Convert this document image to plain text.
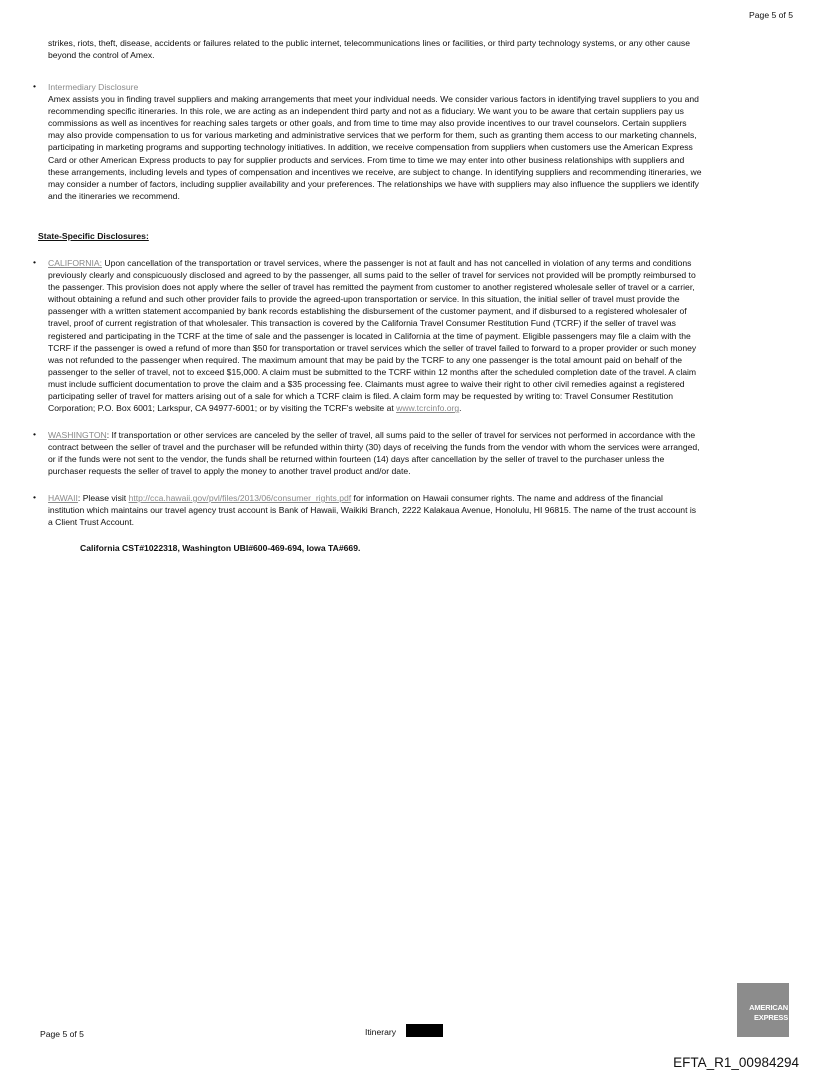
Page 5 of 5
strikes, riots, theft, disease, accidents or failures related to the public internet, telecommunications lines or facilities, or third party technology systems, or any other cause
beyond the control of Amex.
• Intermediary Disclosure
Amex assists you in finding travel suppliers and making arrangements that meet your individual needs. We consider various factors in identifying travel suppliers to you and
recommending specific itineraries. In this role, we are acting as an independent third party and not as a fiduciary. We want you to be aware that certain suppliers pay us
commissions as well as incentives for reaching sales targets or other goals, and from time to time may also provide incentives to our travel counselors. Certain suppliers
may also provide compensation to us for various marketing and administrative services that we perform for them, such as granting them access to our marketing channels,
participating in marketing programs and supporting technology initiatives. In addition, we receive compensation from suppliers when customers use the American Express
Card or other American Express products to pay for supplier products and services. From time to time we may enter into other business relationships with suppliers and
these arrangements, including levels and types of compensation and incentives we receive, are subject to change. In identifying suppliers and recommending itineraries, we
may consider a number of factors, including supplier availability and your preferences. The relationships we have with suppliers may also influence the suppliers we identify
and the itineraries we recommend.
State-Specific Disclosures:
• CALIFORNIA: Upon cancellation of the transportation or travel services, where the passenger is not at fault and has not cancelled in violation of any terms and conditions
previously clearly and conspicuously disclosed and agreed to by the passenger, all sums paid to the seller of travel for services not provided will be promptly reimbursed to
the passenger. This provision does not apply where the seller of travel has remitted the payment from customer to another registered wholesale seller of travel or a carrier,
without obtaining a refund and such other provider fails to provide the agreed-upon transportation or service. In this situation, the initial seller of travel must provide the
passenger with a written statement accompanied by bank records establishing the disbursement of the customer payment, and if disbursed to a registered wholesaler of
travel, proof of current registration of that wholesaler. This transaction is covered by the California Travel Consumer Restitution Fund (TCRF) if the seller of travel was
registered and participating in the TCRF at the time of sale and the passenger is located in California at the time of payment. Eligible passengers may file a claim with the
TCRF if the passenger is owed a refund of more than $50 for transportation or travel services which the seller of travel failed to forward to a proper provider or such money
was not refunded to the passenger when required. The maximum amount that may be paid by the TCRF to any one passenger is the total amount paid on behalf of the
passenger to the seller of travel, not to exceed $15,000. A claim must be submitted to the TCRF within 12 months after the scheduled completion date of the travel. A claim
must include sufficient documentation to prove the claim and a $35 processing fee. Claimants must agree to waive their right to other civil remedies against a registered
participating seller of travel for matters arising out of a sale for which a TCRF claim is filed. A claim form may be requested by writing to: Travel Consumer Restitution
Corporation; P.O. Box 6001; Larkspur, CA 94977-6001; or by visiting the TCRF's website at www.tcrcinfo.org.
• WASHINGTON: If transportation or other services are canceled by the seller of travel, all sums paid to the seller of travel for services not performed in accordance with the
contract between the seller of travel and the purchaser will be refunded within thirty (30) days of receiving the funds from the vendor with whom the services were arranged,
or if the funds were not sent to the vendor, the funds shall be returned within fourteen (14) days after cancellation by the seller of travel to the purchaser unless the
purchaser requests the seller of travel to apply the money to another travel product and/or date.
• HAWAII: Please visit http://cca.hawaii.gov/pvl/files/2013/06/consumer_rights.pdf for information on Hawaii consumer rights. The name and address of the financial
institution which maintains our travel agency trust account is Bank of Hawaii, Waikiki Branch, 2222 Kalakaua Avenue, Honolulu, HI 96815. The name of the trust account is
a Client Trust Account.
California CST#1022318, Washington UBI#600-469-694, Iowa TA#669.
Page 5 of 5	Itinerary
AMERICAN
EXPRESS
EFTA_R1_00984294
